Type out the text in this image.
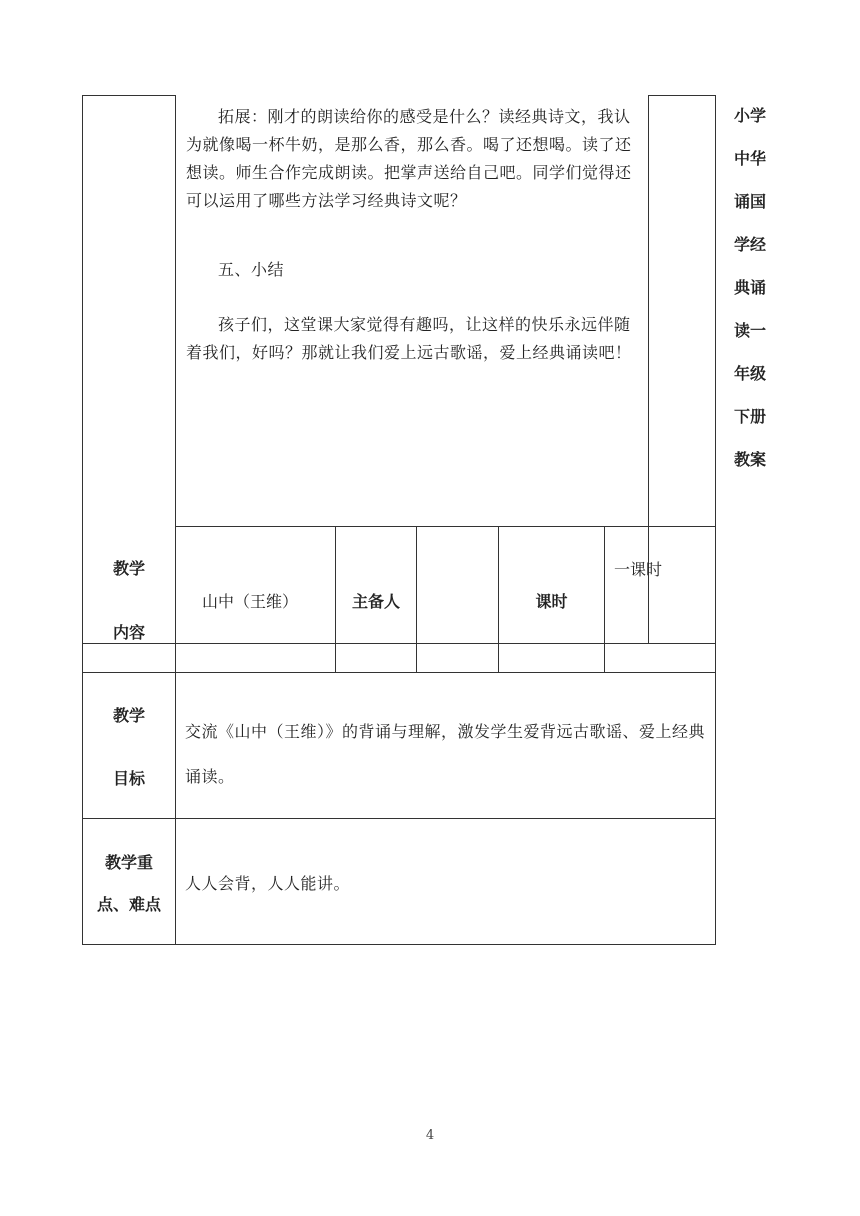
拓展：刚才的朗读给你的感受是什么？读经典诗文，我认为就像喝一杯牛奶，是那么香，那么香。喝了还想喝。读了还想读。师生合作完成朗读。把掌声送给自己吧。同学们觉得还可以运用了哪些方法学习经典诗文呢？
五、小结
孩子们，这堂课大家觉得有趣吗，让这样的快乐永远伴随着我们，好吗？那就让我们爱上远古歌谣，爱上经典诵读吧！
小学
中华
诵国
学经
典诵
读一
年级
下册
教案
教学
内容
山中（王维）	主备人	课时
一课时
教学
目标
交流《山中（王维）》的背诵与理解，激发学生爱背远古歌谣、爱上经典诵读。
教学重
点、难点
人人会背，人人能讲。
4
